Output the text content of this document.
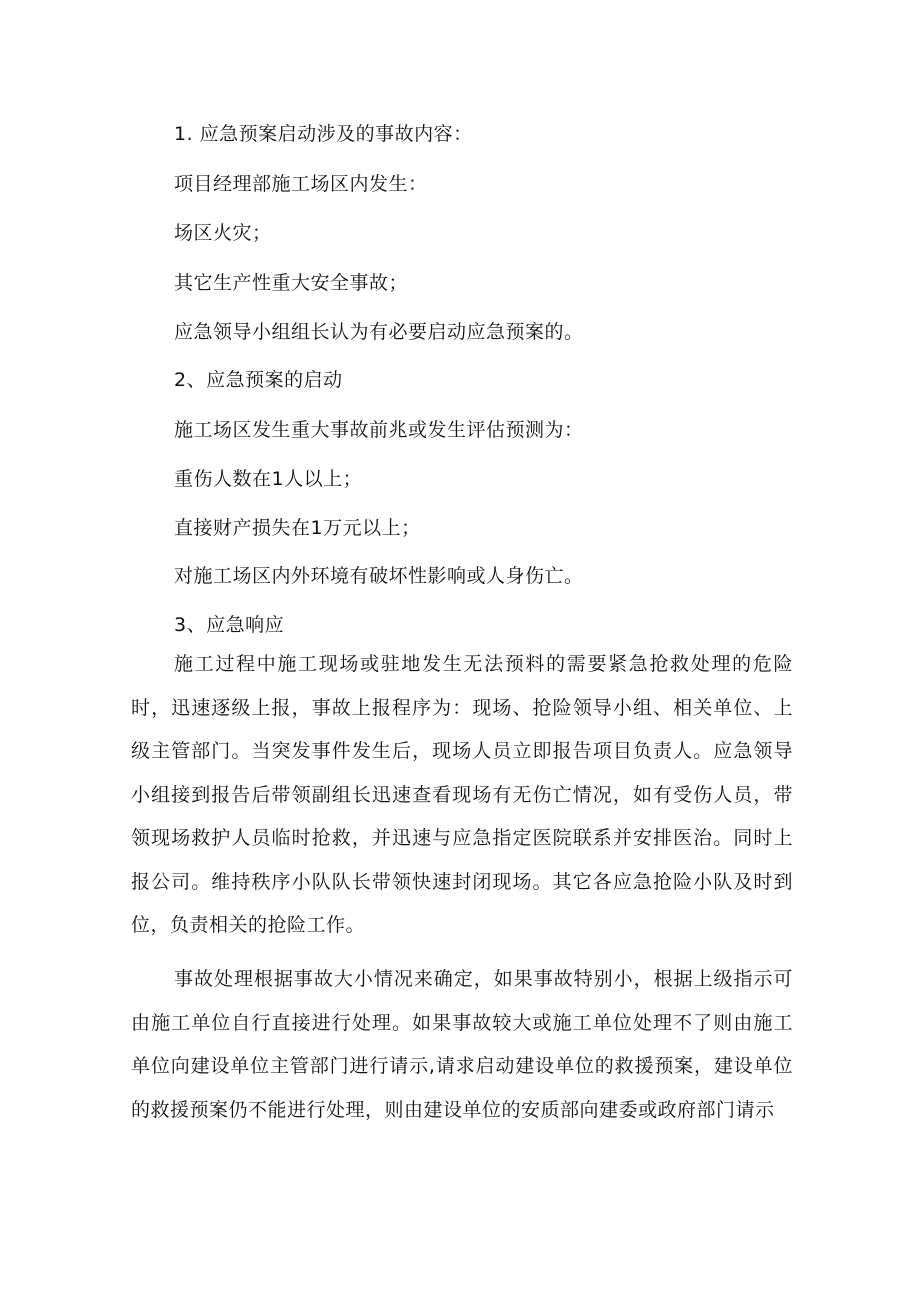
1. 应急预案启动涉及的事故内容：
项目经理部施工场区内发生：
场区火灾；
其它生产性重大安全事故；
应急领导小组组长认为有必要启动应急预案的。
2、应急预案的启动
施工场区发生重大事故前兆或发生评估预测为：
重伤人数在1人以上；
直接财产损失在1万元以上；
对施工场区内外环境有破坏性影响或人身伤亡。
3、应急响应

施工过程中施工现场或驻地发生无法预料的需要紧急抢救处理的危险时，迅速逐级上报，事故上报程序为：现场、抢险领导小组、相关单位、上级主管部门。当突发事件发生后，现场人员立即报告项目负责人。应急领导小组接到报告后带领副组长迅速查看现场有无伤亡情况，如有受伤人员，带领现场救护人员临时抢救，并迅速与应急指定医院联系并安排医治。同时上报公司。维持秩序小队队长带领快速封闭现场。其它各应急抢险小队及时到位，负责相关的抢险工作。

事故处理根据事故大小情况来确定，如果事故特别小，根据上级指示可由施工单位自行直接进行处理。如果事故较大或施工单位处理不了则由施工单位向建设单位主管部门进行请示,请求启动建设单位的救援预案，建设单位的救援预案仍不能进行处理，则由建设单位的安质部向建委或政府部门请示
